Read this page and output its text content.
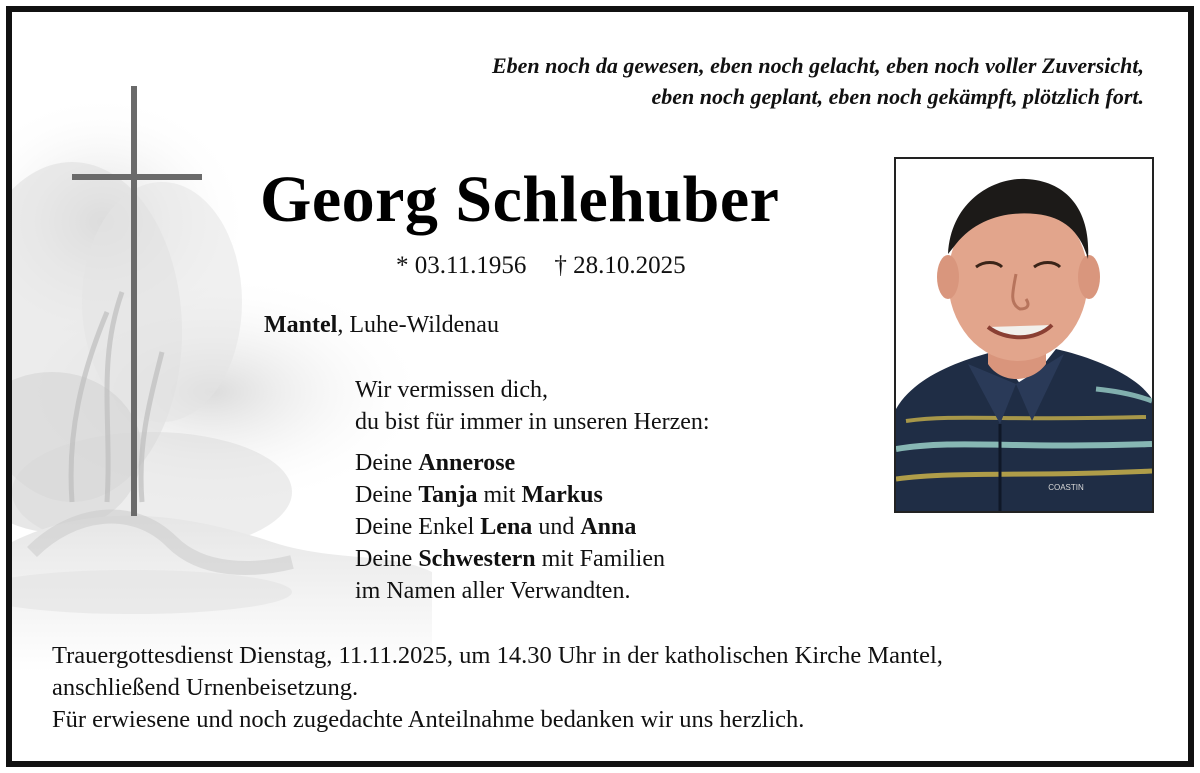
Eben noch da gewesen, eben noch gelacht, eben noch voller Zuversicht,
eben noch geplant, eben noch gekämpft, plötzlich fort.
Georg Schlehuber
* 03.11.1956 † 28.10.2025
Mantel, Luhe-Wildenau
Wir vermissen dich,
du bist für immer in unseren Herzen:
Deine Annerose
Deine Tanja mit Markus
Deine Enkel Lena und Anna
Deine Schwestern mit Familien
im Namen aller Verwandten.
COASTIN
Trauergottesdienst Dienstag, 11.11.2025, um 14.30 Uhr in der katholischen Kirche Mantel,
anschließend Urnenbeisetzung.
Für erwiesene und noch zugedachte Anteilnahme bedanken wir uns herzlich.
